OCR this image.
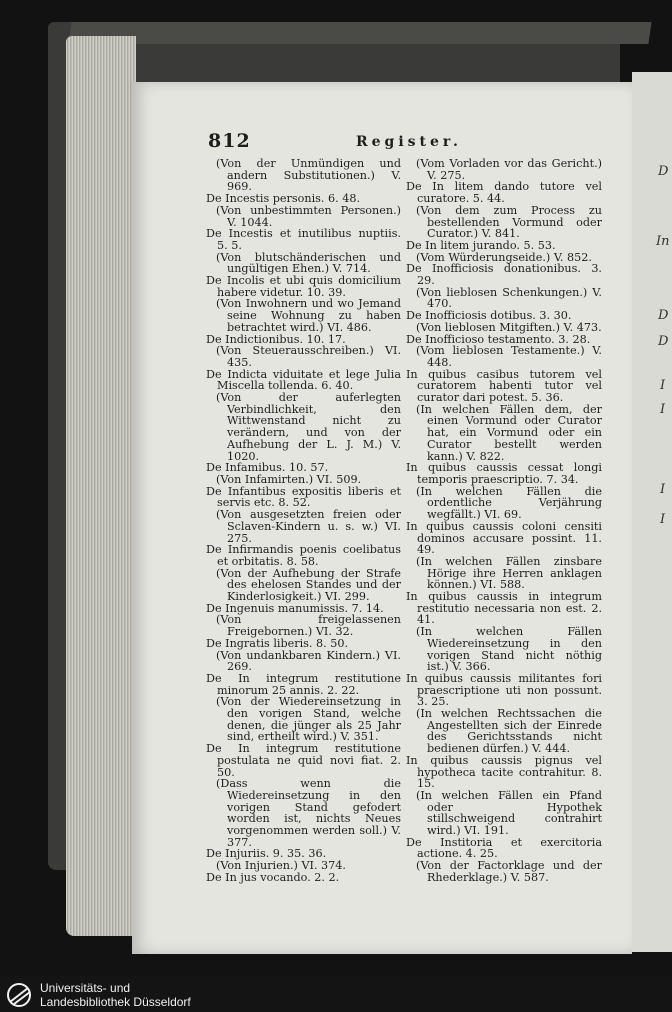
D
In
D
D
I
I
I
I
812	Register.

(Von der Unmündigen und andern Substitutionen.) V. 969.

De Incestis personis. 6. 48.

(Von unbestimmten Personen.) V. 1044.

De Incestis et inutilibus nuptiis. 5. 5.

(Von blutschänderischen und ungültigen Ehen.) V. 714.

De Incolis et ubi quis domicilium habere videtur. 10. 39.

(Von Inwohnern und wo Jemand seine Wohnung zu haben betrachtet wird.) VI. 486.

De Indictionibus. 10. 17.

(Von Steuerausschreiben.) VI. 435.

De Indicta viduitate et lege Julia Miscella tollenda. 6. 40.

(Von der auferlegten Verbindlichkeit, den Wittwenstand nicht zu verändern, und von der Aufhebung der L. J. M.) V. 1020.

De Infamibus. 10. 57.

(Von Infamirten.) VI. 509.

De Infantibus expositis liberis et servis etc. 8. 52.

(Von ausgesetzten freien oder Sclaven-Kindern u. s. w.) VI. 275.

De Infirmandis poenis coelibatus et orbitatis. 8. 58.

(Von der Aufhebung der Strafe des ehelosen Standes und der Kinderlosigkeit.) VI. 299.

De Ingenuis manumissis. 7. 14.

(Von freigelassenen Freigebornen.) VI. 32.

De Ingratis liberis. 8. 50.

(Von undankbaren Kindern.) VI. 269.

De In integrum restitutione minorum 25 annis. 2. 22.

(Von der Wiedereinsetzung in den vorigen Stand, welche denen, die jünger als 25 Jahr sind, ertheilt wird.) V. 351.

De In integrum restitutione postulata ne quid novi fiat. 2. 50.

(Dass wenn die Wiedereinsetzung in den vorigen Stand gefodert worden ist, nichts Neues vorgenommen werden soll.) V. 377.

De Injuriis. 9. 35. 36.

(Von Injurien.) VI. 374.

De In jus vocando. 2. 2.

(Vom Vorladen vor das Gericht.) V. 275.

De In litem dando tutore vel curatore. 5. 44.

(Von dem zum Process zu bestellenden Vormund oder Curator.) V. 841.

De In litem jurando. 5. 53.

(Vom Würderungseide.) V. 852.

De Inofficiosis donationibus. 3. 29.

(Von lieblosen Schenkungen.) V. 470.

De Inofficiosis dotibus. 3. 30.

(Von lieblosen Mitgiften.) V. 473.

De Inofficioso testamento. 3. 28.

(Vom lieblosen Testamente.) V. 448.

In quibus casibus tutorem vel curatorem habenti tutor vel curator dari potest. 5. 36.

(In welchen Fällen dem, der einen Vormund oder Curator hat, ein Vormund oder ein Curator bestellt werden kann.) V. 822.

In quibus caussis cessat longi temporis praescriptio. 7. 34.

(In welchen Fällen die ordentliche Verjährung wegfällt.) VI. 69.

In quibus caussis coloni censiti dominos accusare possint. 11. 49.

(In welchen Fällen zinsbare Hörige ihre Herren anklagen können.) VI. 588.

In quibus caussis in integrum restitutio necessaria non est. 2. 41.

(In welchen Fällen Wiedereinsetzung in den vorigen Stand nicht nöthig ist.) V. 366.

In quibus caussis militantes fori praescriptione uti non possunt. 3. 25.

(In welchen Rechtssachen die Angestellten sich der Einrede des Gerichtsstands nicht bedienen dürfen.) V. 444.

In quibus caussis pignus vel hypotheca tacite contrahitur. 8. 15.

(In welchen Fällen ein Pfand oder Hypothek stillschweigend contrahirt wird.) VI. 191.

De Institoria et exercitoria actione. 4. 25.

(Von der Factorklage und der Rhederklage.) V. 587.

Universitäts- und
Landesbibliothek Düsseldorf
